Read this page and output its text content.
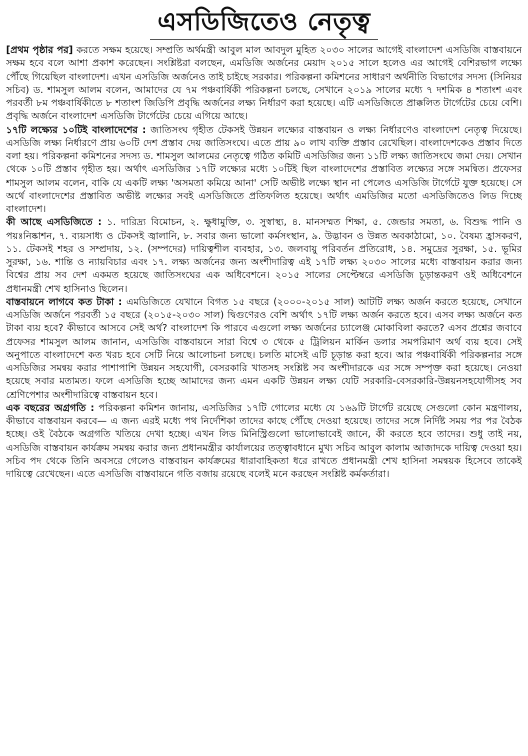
এসডিজিতেও নেতৃত্ব

[প্রথম পৃষ্ঠার পর] করতে সক্ষম হয়েছে। সম্প্রতি অর্থমন্ত্রী আবুল মাল আবদুল মুহিত ২০৩০ সালের আগেই বাংলাদেশ এসডিজি বাস্তবায়নে সক্ষম হবে বলে আশা প্রকাশ করেছেন। সংশ্লিষ্টরা বলছেন, এমডিজি অর্জনের মেয়াদ ২০১৫ সালে হলেও এর আগেই বেশিরভাগ লক্ষ্যে পৌঁছে গিয়েছিল বাংলাদেশ। এখন এসডিজি অর্জনেও তাই চাইছে সরকার। পরিকল্পনা কমিশনের সাধারণ অর্থনীতি বিভাগের সদস্য (সিনিয়র সচিব) ড. শামসুল আলম বলেন, আমাদের যে ৭ম পঞ্চবার্ষিকী পরিকল্পনা চলছে, সেখানে ২০১৯ সালের মধ্যে ৭ দশমিক ৪ শতাংশ এবং পরবর্তী ৮ম পঞ্চবার্ষিকীতে ৮ শতাংশ জিডিপি প্রবৃদ্ধি অর্জনের লক্ষ্য নির্ধারণ করা হয়েছে। এটি এসডিজিতে প্রাক্কলিত টার্গেটের চেয়ে বেশি। প্রবৃদ্ধি অর্জনে বাংলাদেশ এসডিজি টার্গেটের চেয়ে এগিয়ে আছে।

১৭টি লক্ষ্যের ১০টিই বাংলাদেশের : জাতিসংঘ গৃহীত টেকসই উন্নয়ন লক্ষ্যের বাস্তবায়ন ও লক্ষ্য নির্ধারণেও বাংলাদেশ নেতৃত্ব দিয়েছে। এসডিজি লক্ষ্য নির্ধারণে প্রায় ৬০টি দেশ প্রস্তাব দেয় জাতিসংঘে। এতে প্রায় ৯০ লাখ ব্যক্তি প্রস্তাব রেখেছিল। বাংলাদেশকেও প্রস্তাব দিতে বলা হয়। পরিকল্পনা কমিশনের সদস্য ড. শামসুল আলমের নেতৃত্বে গঠিত কমিটি এসডিজির জন্য ১১টি লক্ষ্য জাতিসংঘে জমা দেয়। সেখান থেকে ১০টি প্রস্তাব গৃহীত হয়। অর্থাৎ এসডিজির ১৭টি লক্ষ্যের মধ্যে ১০টিই ছিল বাংলাদেশের প্রস্তাবিত লক্ষ্যের সঙ্গে সমন্বিত। প্রফেসর শামসুল আলম বলেন, বাকি যে একটি লক্ষ্য 'অসমতা কমিয়ে আনা' সেটি অভীষ্ট লক্ষ্যে স্থান না পেলেও এসডিজি টার্গেটে যুক্ত হয়েছে। সে অর্থে বাংলাদেশের প্রস্তাবিত অভীষ্ট লক্ষ্যের সবই এসডিজিতে প্রতিফলিত হয়েছে। অর্থাৎ এমডিজির মতো এসডিজিতেও লিড দিচ্ছে বাংলাদেশ।

কী আছে এসডিজিতে : ১. দারিদ্র্য বিমোচন, ২. ক্ষুধামুক্তি, ৩. সুস্বাস্থ্য, ৪. মানসম্মত শিক্ষা, ৫. জেন্ডার সমতা, ৬. বিশুদ্ধ পানি ও পয়ঃনিষ্কাশন, ৭. ব্যয়সাধ্য ও টেকসই জ্বালানি, ৮. সবার জন্য ভালো কর্মসংস্থান, ৯. উদ্ভাবন ও উন্নত অবকাঠামো, ১০. বৈষম্য হ্রাসকরণ, ১১. টেকসই শহর ও সম্প্রদায়, ১২. (সম্পদের) দায়িত্বশীল ব্যবহার, ১৩. জলবায়ু পরিবর্তন প্রতিরোধ, ১৪. সমুদ্রের সুরক্ষা, ১৫. ভূমির সুরক্ষা, ১৬. শান্তি ও ন্যায়বিচার এবং ১৭. লক্ষ্য অর্জনের জন্য অংশীদারিত্ব এই ১৭টি লক্ষ্য ২০৩০ সালের মধ্যে বাস্তবায়ন করার জন্য বিশ্বের প্রায় সব দেশ একমত হয়েছে জাতিসংঘের এক অধিবেশনে। ২০১৫ সালের সেপ্টেম্বরে এসডিজি চূড়ান্তকরণ ওই অধিবেশনে প্রধানমন্ত্রী শেখ হাসিনাও ছিলেন।

বাস্তবায়নে লাগবে কত টাকা : এমডিজিতে যেখানে বিগত ১৫ বছরে (২০০০-২০১৫ সাল) আটটি লক্ষ্য অর্জন করতে হয়েছে, সেখানে এসডিজি অর্জনে পরবর্তী ১৫ বছরে (২০১৫-২০৩০ সাল) দ্বিগুণেরও বেশি অর্থাৎ ১৭টি লক্ষ্য অর্জন করতে হবে। এসব লক্ষ্য অর্জনে কত টাকা ব্যয় হবে? কীভাবে আসবে সেই অর্থ? বাংলাদেশ কি পারবে এগুলো লক্ষ্য অর্জনের চ্যালেঞ্জ মোকাবিলা করতে? এসব প্রশ্নের জবাবে প্রফেসর শামসুল আলম জানান, এসডিজি বাস্তবায়নে সারা বিশ্বে ৩ থেকে ৫ ট্রিলিয়ন মার্কিন ডলার সমপরিমাণ অর্থ ব্যয় হবে। সেই অনুপাতে বাংলাদেশে কত খরচ হবে সেটি নিয়ে আলোচনা চলছে। চলতি মাসেই এটি চূড়ান্ত করা হবে। আর পঞ্চবার্ষিকী পরিকল্পনার সঙ্গে এসডিজির সমন্বয় করার পাশাপাশি উন্নয়ন সহযোগী, বেসরকারি খাতসহ সংশ্লিষ্ট সব অংশীদারকে এর সঙ্গে সম্পৃক্ত করা হয়েছে। নেওয়া হয়েছে সবার মতামত। ফলে এসডিজি হচ্ছে আমাদের জন্য এমন একটি উন্নয়ন লক্ষ্য যেটি সরকারি-বেসরকারি-উন্নয়নসহযোগীসহ সব শ্রেণিপেশার অংশীদারিত্বে বাস্তবায়ন হবে।

এক বছরের অগ্রগতি : পরিকল্পনা কমিশন জানায়, এসডিজির ১৭টি গোলের মধ্যে যে ১৬৯টি টার্গেট রয়েছে সেগুলো কোন মন্ত্রণালয়, কীভাবে বাস্তবায়ন করবে— এ জন্য এরই মধ্যে পথ নির্দেশিকা তাদের কাছে পৌঁছে দেওয়া হয়েছে। তাদের সঙ্গে নির্দিষ্ট সময় পর পর বৈঠক হচ্ছে। ওই বৈঠকে অগ্রগতি খতিয়ে দেখা হচ্ছে। এখন লিড মিনিস্ট্রিগুলো ভালোভাবেই জানে, কী করতে হবে তাদের। শুধু তাই নয়, এসডিজি বাস্তবায়ন কার্যক্রম সমন্বয় করার জন্য প্রধানমন্ত্রীর কার্যালয়ের তত্ত্বাবধানে মুখ্য সচিব আবুল কালাম আজাদকে দায়িত্ব দেওয়া হয়। সচিব পদ থেকে তিনি অবসরে গেলেও বাস্তবায়ন কার্যক্রমের ধারাবাহিকতা ধরে রাখতে প্রধানমন্ত্রী শেখ হাসিনা সমন্বয়ক হিসেবে তাকেই দায়িত্বে রেখেছেন। এতে এসডিজি বাস্তবায়নে গতি বজায় রয়েছে বলেই মনে করছেন সংশ্লিষ্ট কর্মকর্তারা।
